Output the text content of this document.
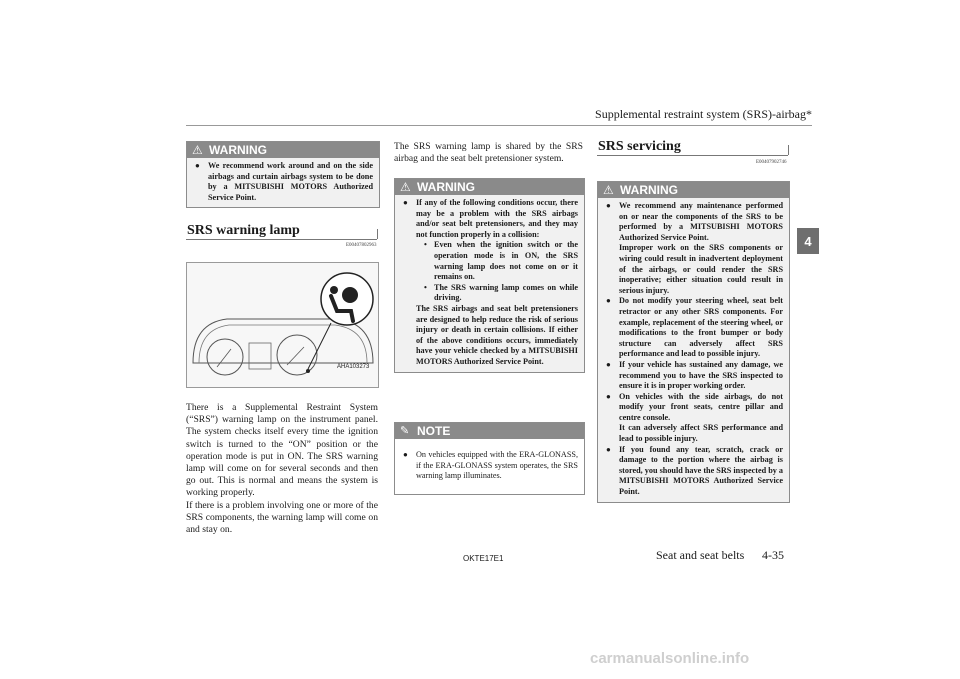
Supplemental restraint system (SRS)-airbag*
4
⚠ WARNING
● We recommend work around and on the side airbags and curtain airbags system to be done by a MITSUBISHI MOTORS Authorized Service Point.

SRS warning lamp
E00407802963
AHA103273

There is a Supplemental Restraint System (“SRS”) warning lamp on the instrument panel. The system checks itself every time the ignition switch is turned to the “ON” position or the operation mode is put in ON. The SRS warning lamp will come on for several seconds and then go out. This is normal and means the system is working properly.

If there is a problem involving one or more of the SRS components, the warning lamp will come on and stay on.

The SRS warning lamp is shared by the SRS airbag and the seat belt pretensioner system.
⚠ WARNING
● If any of the following conditions occur, there may be a problem with the SRS airbags and/or seat belt pretensioners, and they may not function properly in a collision:

• Even when the ignition switch or the operation mode is in ON, the SRS warning lamp does not come on or it remains on.

• The SRS warning lamp comes on while driving.

The SRS airbags and seat belt pretensioners are designed to help reduce the risk of serious injury or death in certain collisions. If either of the above conditions occurs, immediately have your vehicle checked by a MITSUBISHI MOTORS Authorized Service Point.

✎ NOTE
● On vehicles equipped with the ERA-GLONASS, if the ERA-GLONASS system operates, the SRS warning lamp illuminates.

SRS servicing
E00407902746
⚠ WARNING
● We recommend any maintenance performed on or near the components of the SRS to be performed by a MITSUBISHI MOTORS Authorized Service Point.

Improper work on the SRS components or wiring could result in inadvertent deployment of the airbags, or could render the SRS inoperative; either situation could result in serious injury.

● Do not modify your steering wheel, seat belt retractor or any other SRS components. For example, replacement of the steering wheel, or modifications to the front bumper or body structure can adversely affect SRS performance and lead to possible injury.

● If your vehicle has sustained any damage, we recommend you to have the SRS inspected to ensure it is in proper working order.

● On vehicles with the side airbags, do not modify your front seats, centre pillar and centre console.

It can adversely affect SRS performance and lead to possible injury.

● If you found any tear, scratch, crack or damage to the portion where the airbag is stored, you should have the SRS inspected by a MITSUBISHI MOTORS Authorized Service Point.

OKTE17E1	Seat and seat belts 4-35
carmanualsonline.info
